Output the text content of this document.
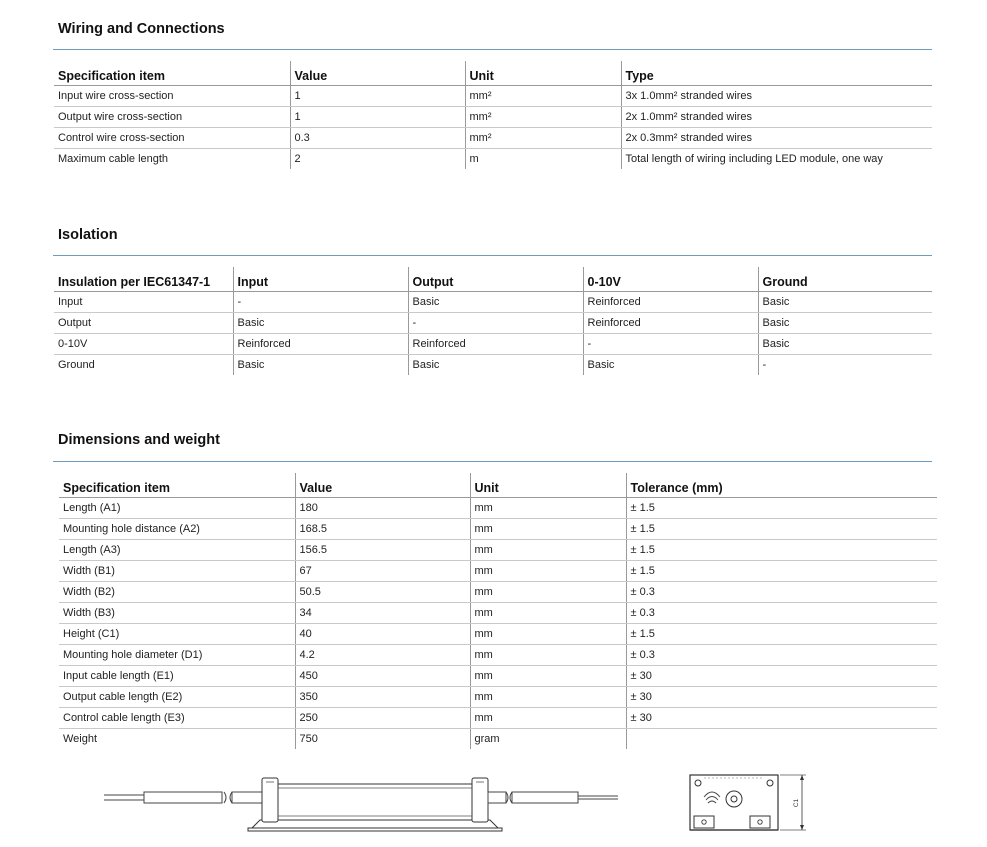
Wiring and Connections
Specification item	Value	Unit	Type
Input wire cross-section	1	mm²	3x 1.0mm² stranded wires
Output wire cross-section	1	mm²	2x 1.0mm² stranded wires
Control wire cross-section	0.3	mm²	2x 0.3mm² stranded wires
Maximum cable length	2	m	Total length of wiring including LED module, one way
Isolation
Insulation per IEC61347-1	Input	Output	0-10V	Ground
Input	-	Basic	Reinforced	Basic
Output	Basic	-	Reinforced	Basic
0-10V	Reinforced	Reinforced	-	Basic
Ground	Basic	Basic	Basic	-
Dimensions and weight
Specification item	Value	Unit	Tolerance (mm)
Length (A1)	180	mm	± 1.5
Mounting hole distance (A2)	168.5	mm	± 1.5
Length (A3)	156.5	mm	± 1.5
Width (B1)	67	mm	± 1.5
Width (B2)	50.5	mm	± 0.3
Width (B3)	34	mm	± 0.3
Height (C1)	40	mm	± 1.5
Mounting hole diameter (D1)	4.2	mm	± 0.3
Input cable length (E1)	450	mm	± 30
Output cable length (E2)	350	mm	± 30
Control cable length (E3)	250	mm	± 30
Weight	750	gram	
C1
